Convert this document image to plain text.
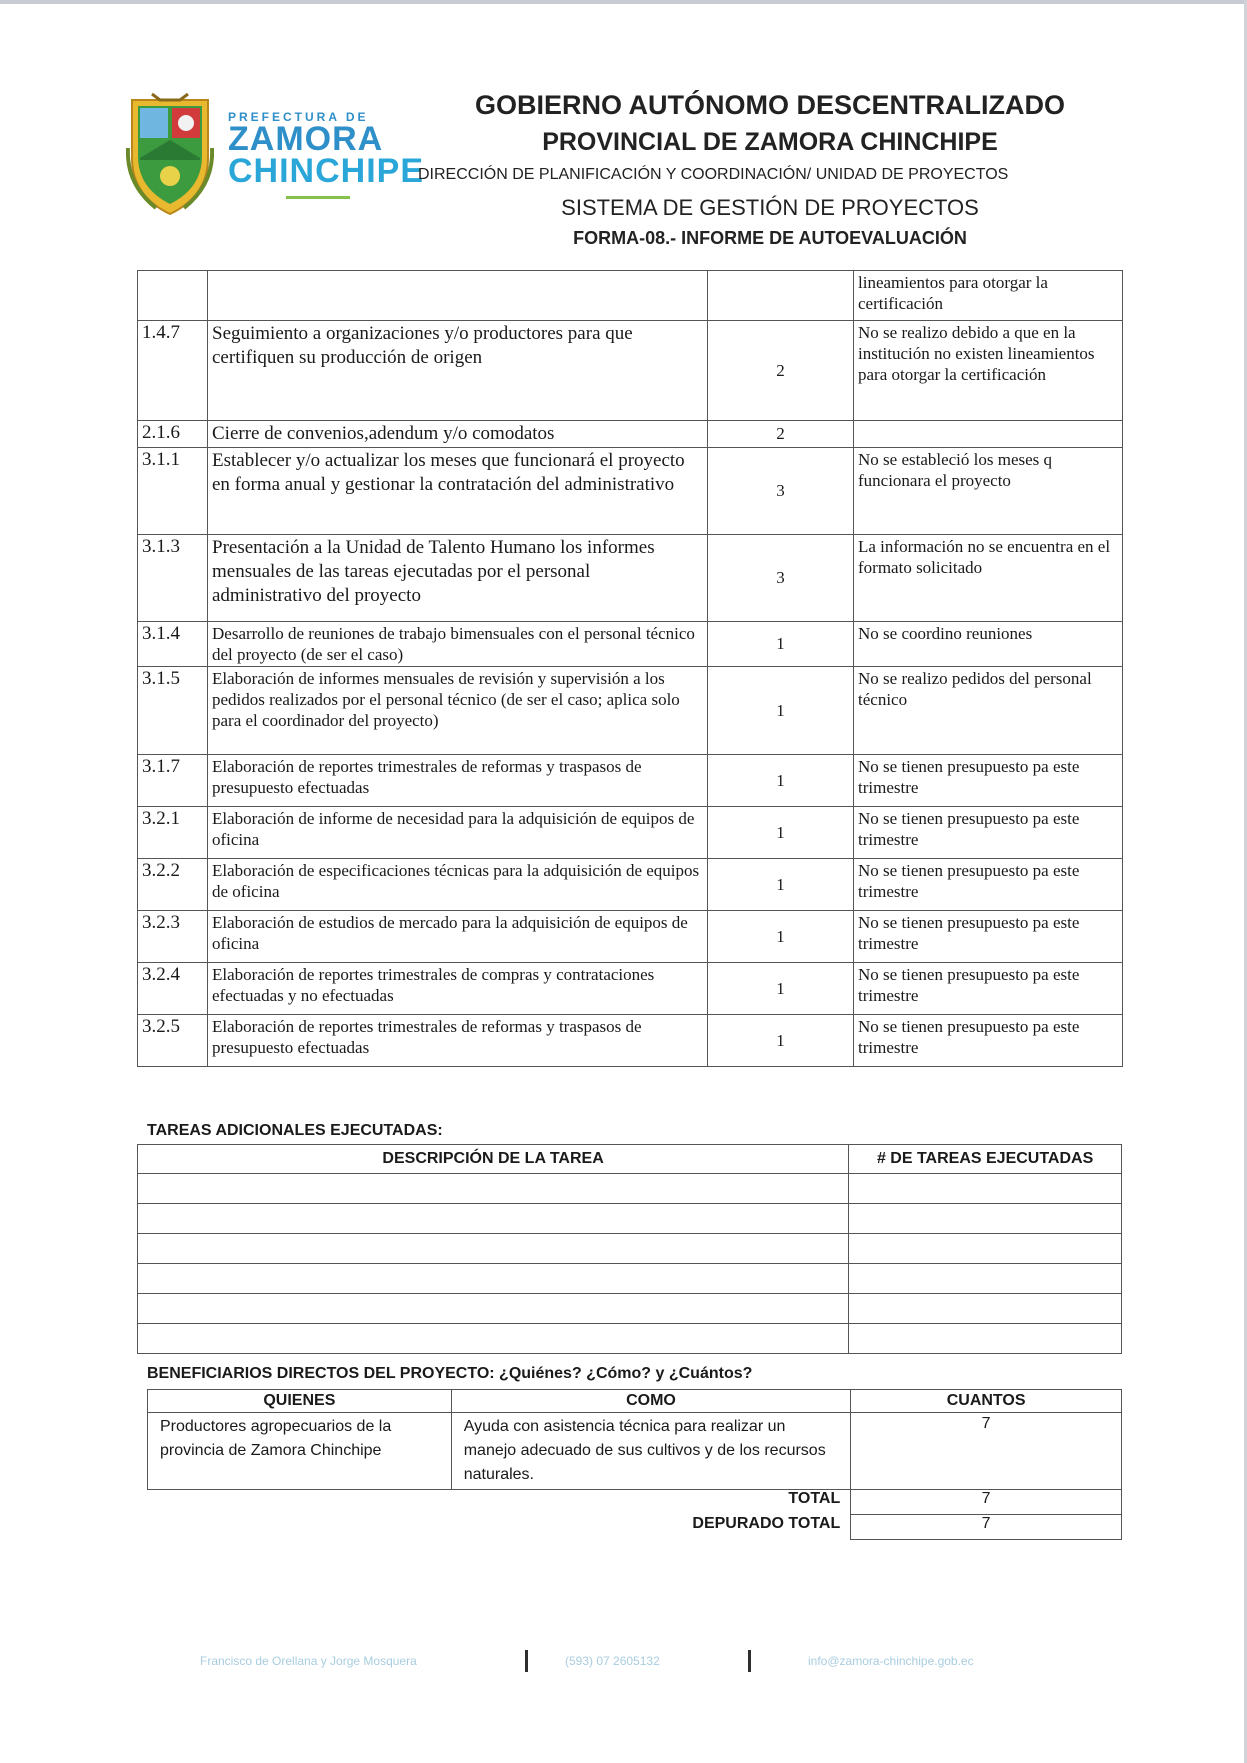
PREFECTURA DE
ZAMORA
CHINCHIPE
GOBIERNO AUTÓNOMO DESCENTRALIZADO
PROVINCIAL DE ZAMORA CHINCHIPE
DIRECCIÓN DE PLANIFICACIÓN Y COORDINACIÓN/ UNIDAD DE PROYECTOS
SISTEMA DE GESTIÓN DE PROYECTOS
FORMA-08.- INFORME DE AUTOEVALUACIÓN
			lineamientos para otorgar la certificación
1.4.7	Seguimiento a organizaciones y/o productores para que certifiquen su producción de origen	2	No se realizo debido a que en la institución no existen lineamientos para otorgar la certificación
2.1.6	Cierre de convenios,adendum y/o comodatos	2	
3.1.1	Establecer y/o actualizar los meses que funcionará el proyecto en forma anual y gestionar la contratación del administrativo	3	No se estableció los meses q funcionara el proyecto
3.1.3	Presentación a la Unidad de Talento Humano los informes mensuales de las tareas ejecutadas por el personal administrativo del proyecto	3	La información no se encuentra en el formato solicitado
3.1.4	Desarrollo de reuniones de trabajo bimensuales con el personal técnico del proyecto (de ser el caso)	1	No se coordino reuniones
3.1.5	Elaboración de informes mensuales de revisión y supervisión a los pedidos realizados por el personal técnico (de ser el caso; aplica solo para el coordinador del proyecto)	1	No se realizo pedidos del personal técnico
3.1.7	Elaboración de reportes trimestrales de reformas y traspasos de presupuesto efectuadas	1	No se tienen presupuesto pa este trimestre
3.2.1	Elaboración de informe de necesidad para la adquisición de equipos de oficina	1	No se tienen presupuesto pa este trimestre
3.2.2	Elaboración de especificaciones técnicas para la adquisición de equipos de oficina	1	No se tienen presupuesto pa este trimestre
3.2.3	Elaboración de estudios de mercado para la adquisición de equipos de oficina	1	No se tienen presupuesto pa este trimestre
3.2.4	Elaboración de reportes trimestrales de compras y contrataciones efectuadas y no efectuadas	1	No se tienen presupuesto pa este trimestre
3.2.5	Elaboración de reportes trimestrales de reformas y traspasos de presupuesto efectuadas	1	No se tienen presupuesto pa este trimestre
TAREAS ADICIONALES EJECUTADAS:
DESCRIPCIÓN DE LA TAREA	# DE TAREAS EJECUTADAS

BENEFICIARIOS DIRECTOS DEL PROYECTO: ¿Quiénes? ¿Cómo? y ¿Cuántos?
QUIENES	COMO	CUANTOS
Productores agropecuarios de la provincia de Zamora Chinchipe	Ayuda con asistencia técnica para realizar un manejo adecuado de sus cultivos y de los recursos naturales.	7
TOTAL		7
DEPURADO TOTAL		7
Francisco de Orellana y Jorge Mosquera	(593) 07 2605132	info@zamora-chinchipe.gob.ec
